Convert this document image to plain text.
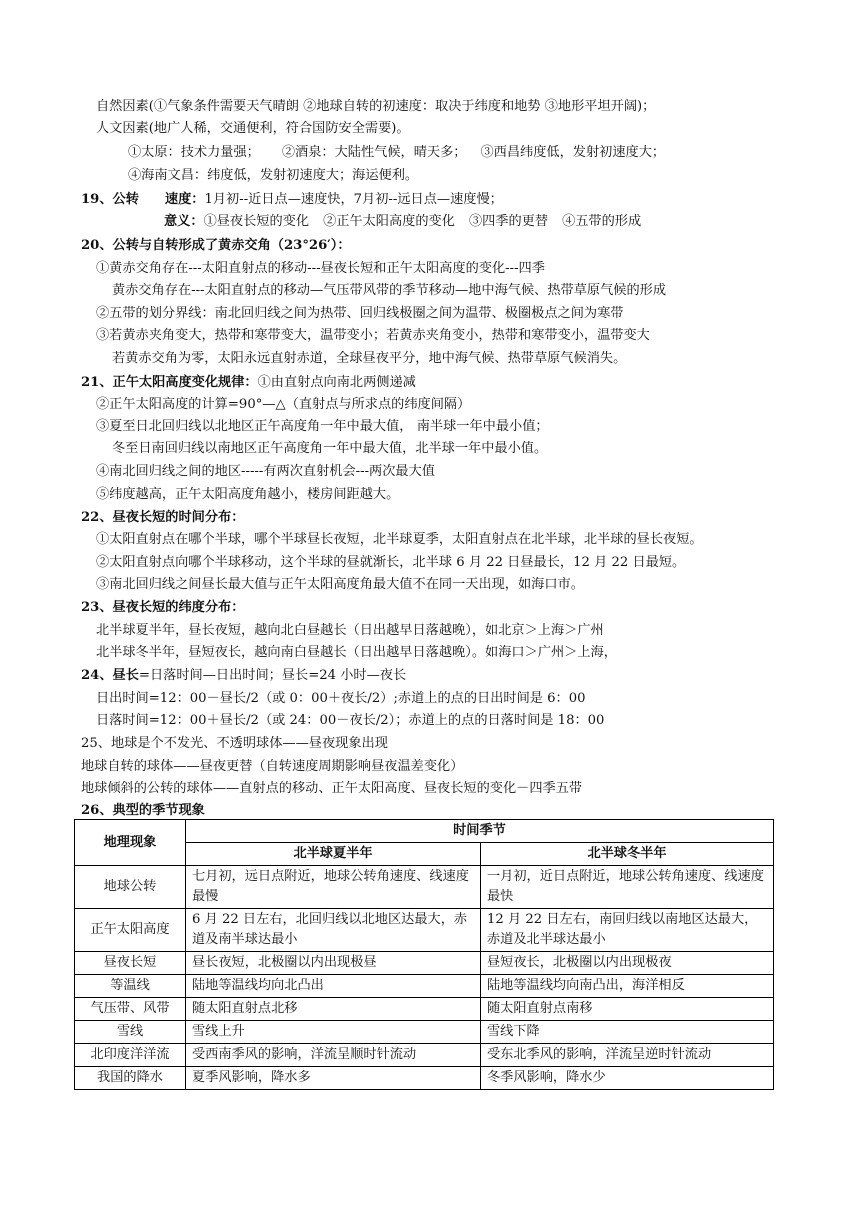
自然因素(①气象条件需要天气晴朗 ②地球自转的初速度：取决于纬度和地势 ③地形平坦开阔)；
人文因素(地广人稀，交通便利，符合国防安全需要)。
①太原：技术力量强； ②酒泉：大陆性气候，晴天多； ③西昌纬度低，发射初速度大；
④海南文昌：纬度低，发射初速度大；海运便利。
19、公转 速度：1月初--近日点—速度快，7月初--远日点—速度慢；
意义：①昼夜长短的变化 ②正午太阳高度的变化 ③四季的更替 ④五带的形成
20、公转与自转形成了黄赤交角（23°26′）：
①黄赤交角存在---太阳直射点的移动---昼夜长短和正午太阳高度的变化---四季
黄赤交角存在---太阳直射点的移动—气压带风带的季节移动—地中海气候、热带草原气候的形成
②五带的划分界线：南北回归线之间为热带、回归线极圈之间为温带、极圈极点之间为寒带
③若黄赤夹角变大，热带和寒带变大，温带变小；若黄赤夹角变小，热带和寒带变小，温带变大
若黄赤交角为零，太阳永远直射赤道，全球昼夜平分，地中海气候、热带草原气候消失。
21、正午太阳高度变化规律：①由直射点向南北两侧递减
②正午太阳高度的计算=90°—△（直射点与所求点的纬度间隔）
③夏至日北回归线以北地区正午高度角一年中最大值， 南半球一年中最小值；
冬至日南回归线以南地区正午高度角一年中最大值，北半球一年中最小值。
④南北回归线之间的地区-----有两次直射机会---两次最大值
⑤纬度越高，正午太阳高度角越小，楼房间距越大。
22、昼夜长短的时间分布：
①太阳直射点在哪个半球，哪个半球昼长夜短，北半球夏季，太阳直射点在北半球，北半球的昼长夜短。
②太阳直射点向哪个半球移动，这个半球的昼就渐长，北半球 6 月 22 日昼最长，12 月 22 日最短。
③南北回归线之间昼长最大值与正午太阳高度角最大值不在同一天出现，如海口市。
23、昼夜长短的纬度分布：
北半球夏半年，昼长夜短，越向北白昼越长（日出越早日落越晚），如北京＞上海＞广州
北半球冬半年，昼短夜长，越向南白昼越长（日出越早日落越晚）。如海口＞广州＞上海，
24、昼长=日落时间—日出时间；昼长=24 小时—夜长
日出时间=12：00－昼长/2（或 0：00＋夜长/2）;赤道上的点的日出时间是 6：00
日落时间=12：00＋昼长/2（或 24：00－夜长/2）；赤道上的点的日落时间是 18：00
25、地球是个不发光、不透明球体——昼夜现象出现
地球自转的球体——昼夜更替（自转速度周期影响昼夜温差变化）
地球倾斜的公转的球体——直射点的移动、正午太阳高度、昼夜长短的变化－四季五带
26、典型的季节现象
地理现象	时间季节	
	北半球夏半年	北半球冬半年
地球公转	七月初，远日点附近，地球公转角速度、线速度最慢	一月初，近日点附近，地球公转角速度、线速度最快
正午太阳高度	6 月 22 日左右，北回归线以北地区达最大，赤道及南半球达最小	12 月 22 日左右，南回归线以南地区达最大，赤道及北半球达最小
昼夜长短	昼长夜短，北极圈以内出现极昼	昼短夜长，北极圈以内出现极夜
等温线	陆地等温线均向北凸出	陆地等温线均向南凸出，海洋相反
气压带、风带	随太阳直射点北移	随太阳直射点南移
雪线	雪线上升	雪线下降
北印度洋洋流	受西南季风的影响，洋流呈顺时针流动	受东北季风的影响，洋流呈逆时针流动
我国的降水	夏季风影响，降水多	冬季风影响，降水少
